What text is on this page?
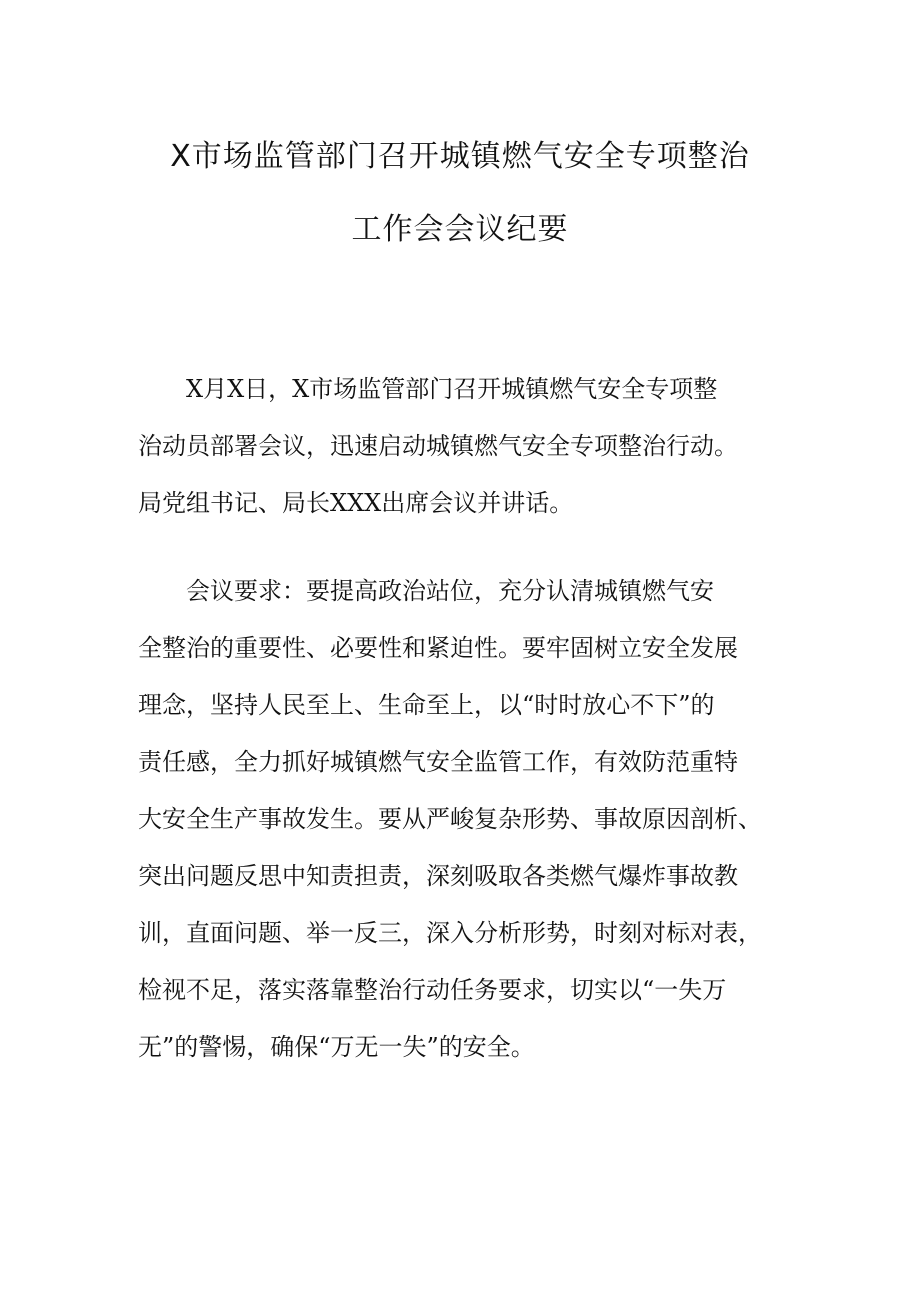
X市场监管部门召开城镇燃气安全专项整治
工作会会议纪要
　　X月X日，X市场监管部门召开城镇燃气安全专项整
治动员部署会议，迅速启动城镇燃气安全专项整治行动。
局党组书记、局长XXX出席会议并讲话。
　　会议要求：要提高政治站位，充分认清城镇燃气安
全整治的重要性、必要性和紧迫性。要牢固树立安全发展
理念，坚持人民至上、生命至上，以“时时放心不下”的
责任感，全力抓好城镇燃气安全监管工作，有效防范重特
大安全生产事故发生。要从严峻复杂形势、事故原因剖析、
突出问题反思中知责担责，深刻吸取各类燃气爆炸事故教
训，直面问题、举一反三，深入分析形势，时刻对标对表，
检视不足，落实落靠整治行动任务要求，切实以“一失万
无”的警惕，确保“万无一失”的安全。
